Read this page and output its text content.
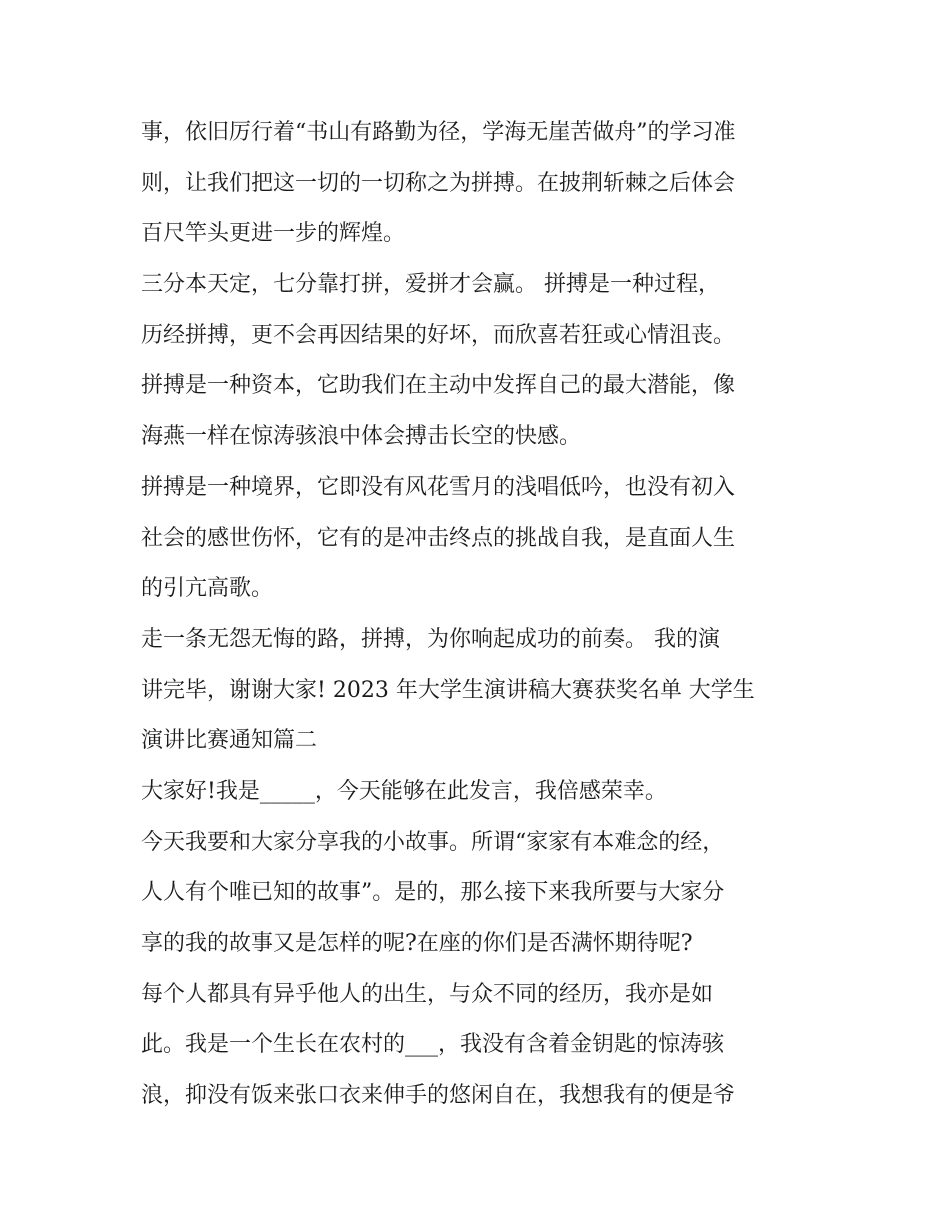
事，依旧厉行着“书山有路勤为径，学海无崖苦做舟”的学习准
则，让我们把这一切的一切称之为拼搏。在披荆斩棘之后体会
百尺竿头更进一步的辉煌。
三分本天定，七分靠打拼，爱拼才会赢。 拼搏是一种过程，
历经拼搏，更不会再因结果的好坏，而欣喜若狂或心情沮丧。
拼搏是一种资本，它助我们在主动中发挥自己的最大潜能，像
海燕一样在惊涛骇浪中体会搏击长空的快感。
拼搏是一种境界，它即没有风花雪月的浅唱低吟，也没有初入
社会的感世伤怀，它有的是冲击终点的挑战自我，是直面人生
的引亢高歌。
走一条无怨无悔的路，拼搏，为你响起成功的前奏。 我的演
讲完毕，谢谢大家! 2023 年大学生演讲稿大赛获奖名单 大学生
演讲比赛通知篇二
大家好!我是_____，今天能够在此发言，我倍感荣幸。
今天我要和大家分享我的小故事。所谓“家家有本难念的经，
人人有个唯已知的故事”。是的，那么接下来我所要与大家分
享的我的故事又是怎样的呢?在座的你们是否满怀期待呢?
每个人都具有异乎他人的出生，与众不同的经历，我亦是如
此。我是一个生长在农村的___，我没有含着金钥匙的惊涛骇
浪，抑没有饭来张口衣来伸手的悠闲自在，我想我有的便是爷
